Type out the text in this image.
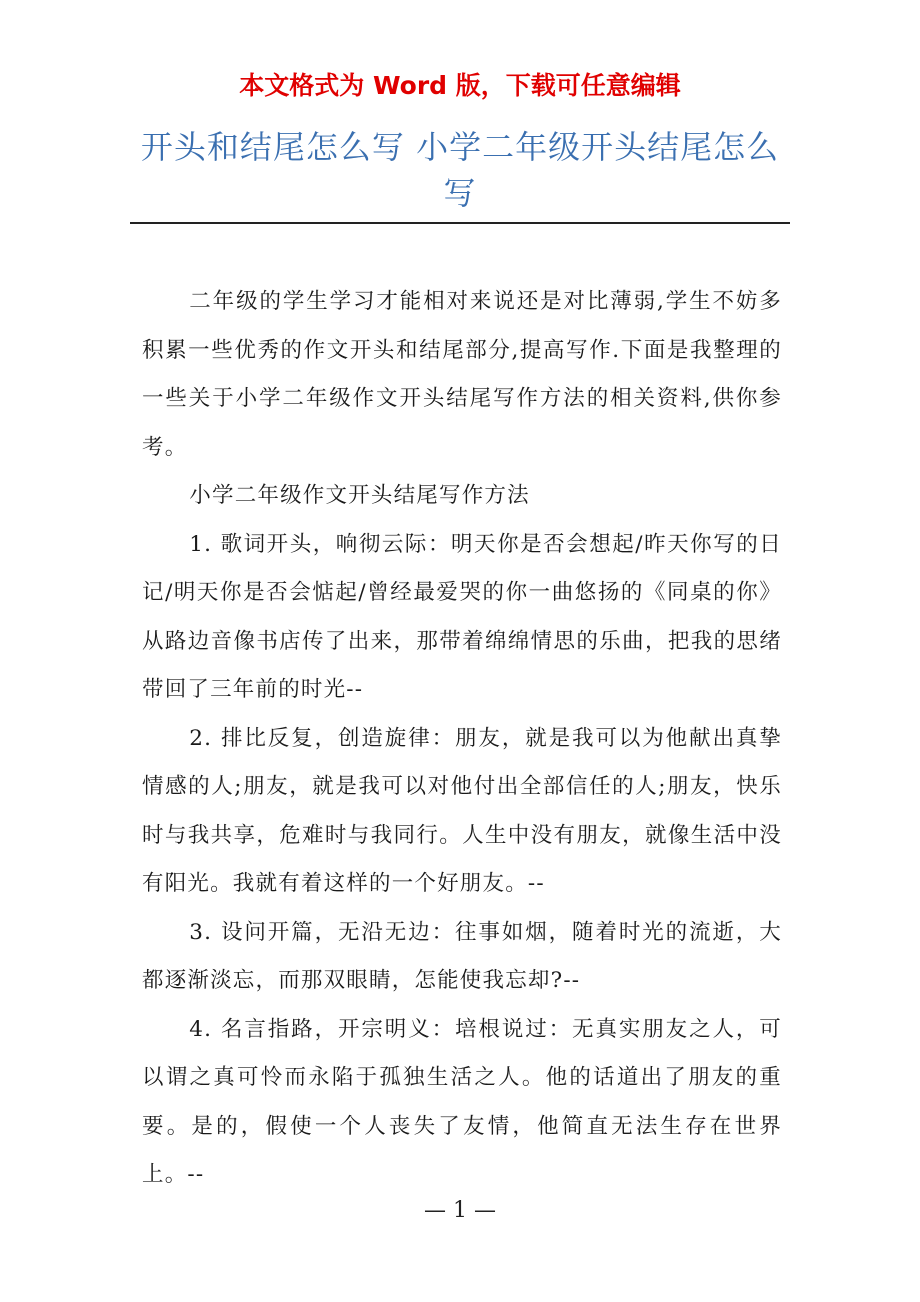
本文格式为 Word 版，下载可任意编辑
开头和结尾怎么写 小学二年级开头结尾怎么写

二年级的学生学习才能相对来说还是对比薄弱,学生不妨多积累一些优秀的作文开头和结尾部分,提高写作.下面是我整理的一些关于小学二年级作文开头结尾写作方法的相关资料,供你参考。

小学二年级作文开头结尾写作方法

1. 歌词开头，响彻云际：明天你是否会想起/昨天你写的日记/明天你是否会惦起/曾经最爱哭的你一曲悠扬的《同桌的你》从路边音像书店传了出来，那带着绵绵情思的乐曲，把我的思绪带回了三年前的时光--

2. 排比反复，创造旋律：朋友，就是我可以为他献出真挚情感的人;朋友，就是我可以对他付出全部信任的人;朋友，快乐时与我共享，危难时与我同行。人生中没有朋友，就像生活中没有阳光。我就有着这样的一个好朋友。--

3. 设问开篇，无沿无边：往事如烟，随着时光的流逝，大都逐渐淡忘，而那双眼睛，怎能使我忘却?--

4. 名言指路，开宗明义：培根说过：无真实朋友之人，可以谓之真可怜而永陷于孤独生活之人。他的话道出了朋友的重要。是的，假使一个人丧失了友情，他简直无法生存在世界上。--

— 1 —
